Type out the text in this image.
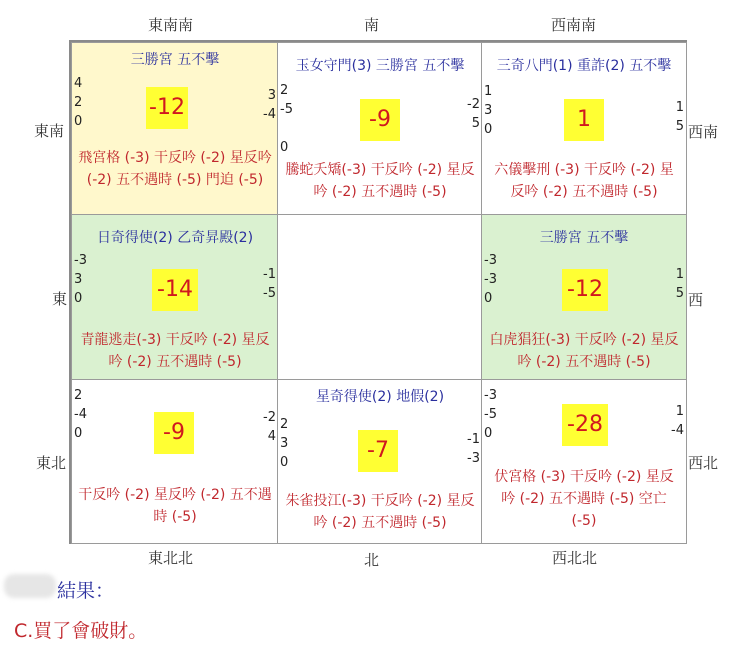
東南南	南	西南南
東北北	北	西北北
東南
東
東北
西南
西
西北
三勝宮 五不擊
4
2
0
3
-4
-12
飛宮格 (-3) 干反吟 (-2) 星反吟 (-2) 五不遇時 (-5) 門迫 (-5)
玉女守門(3) 三勝宮 五不擊
2
-5

0
-2
5
-9
騰蛇夭矯(-3) 干反吟 (-2) 星反吟 (-2) 五不遇時 (-5)
三奇八門(1) 重詐(2) 五不擊
1
3
0
1
5
1
六儀擊刑 (-3) 干反吟 (-2) 星反吟 (-2) 五不遇時 (-5)
日奇得使(2) 乙奇昇殿(2)
-3
3
0
-1
-5
-14
青龍逃走(-3) 干反吟 (-2) 星反吟 (-2) 五不遇時 (-5)
三勝宮 五不擊
-3
-3
0
1
5
-12
白虎猖狂(-3) 干反吟 (-2) 星反吟 (-2) 五不遇時 (-5)
2
-4
0
-2
4
-9
干反吟 (-2) 星反吟 (-2) 五不遇時 (-5)
星奇得使(2) 地假(2)
2
3
0
-1
-3
-7
朱雀投江(-3) 干反吟 (-2) 星反吟 (-2) 五不遇時 (-5)
-3
-5
0
1
-4
-28
伏宮格 (-3) 干反吟 (-2) 星反吟 (-2) 五不遇時 (-5) 空亡 (-5)
結果：
C.買了會破財。
